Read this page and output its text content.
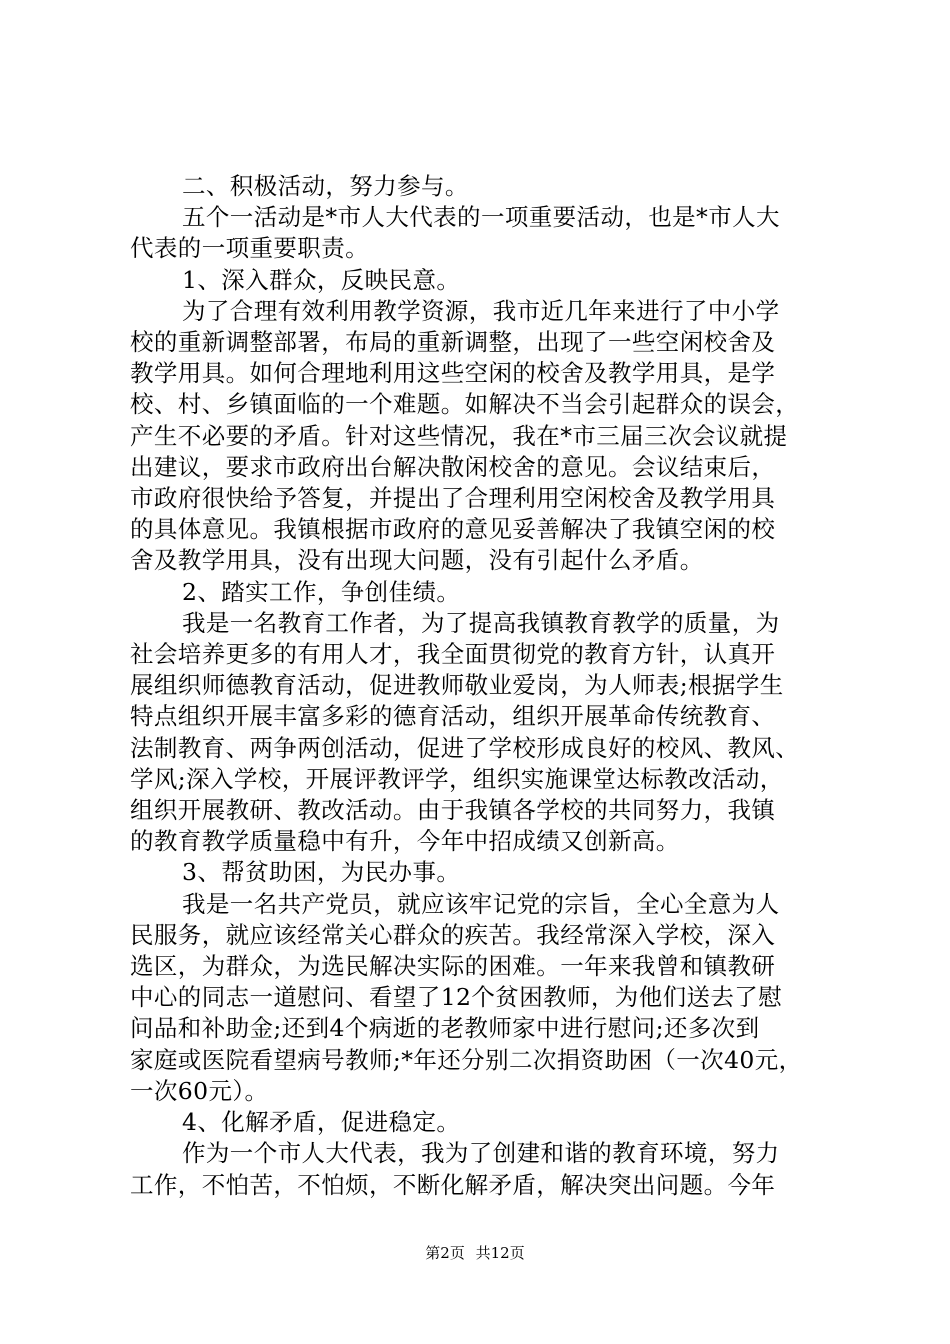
二、积极活动，努力参与。

五个一活动是*市人大代表的一项重要活动，也是*市人大

代表的一项重要职责。

1、深入群众，反映民意。

为了合理有效利用教学资源，我市近几年来进行了中小学

校的重新调整部署，布局的重新调整，出现了一些空闲校舍及

教学用具。如何合理地利用这些空闲的校舍及教学用具，是学

校、村、乡镇面临的一个难题。如解决不当会引起群众的误会，

产生不必要的矛盾。针对这些情况，我在*市三届三次会议就提

出建议，要求市政府出台解决散闲校舍的意见。会议结束后，

市政府很快给予答复，并提出了合理利用空闲校舍及教学用具

的具体意见。我镇根据市政府的意见妥善解决了我镇空闲的校

舍及教学用具，没有出现大问题，没有引起什么矛盾。

2、踏实工作，争创佳绩。

我是一名教育工作者，为了提高我镇教育教学的质量，为

社会培养更多的有用人才，我全面贯彻党的教育方针，认真开

展组织师德教育活动，促进教师敬业爱岗，为人师表;根据学生

特点组织开展丰富多彩的德育活动，组织开展革命传统教育、

法制教育、两争两创活动，促进了学校形成良好的校风、教风、

学风;深入学校，开展评教评学，组织实施课堂达标教改活动，

组织开展教研、教改活动。由于我镇各学校的共同努力，我镇

的教育教学质量稳中有升，今年中招成绩又创新高。

3、帮贫助困，为民办事。

我是一名共产党员，就应该牢记党的宗旨，全心全意为人

民服务，就应该经常关心群众的疾苦。我经常深入学校，深入

选区，为群众，为选民解决实际的困难。一年来我曾和镇教研

中心的同志一道慰问、看望了12个贫困教师，为他们送去了慰

问品和补助金;还到4个病逝的老教师家中进行慰问;还多次到

家庭或医院看望病号教师;*年还分别二次捐资助困（一次40元，

一次60元）。

4、化解矛盾，促进稳定。

作为一个市人大代表，我为了创建和谐的教育环境，努力

工作，不怕苦，不怕烦，不断化解矛盾，解决突出问题。今年

第2页 共12页
